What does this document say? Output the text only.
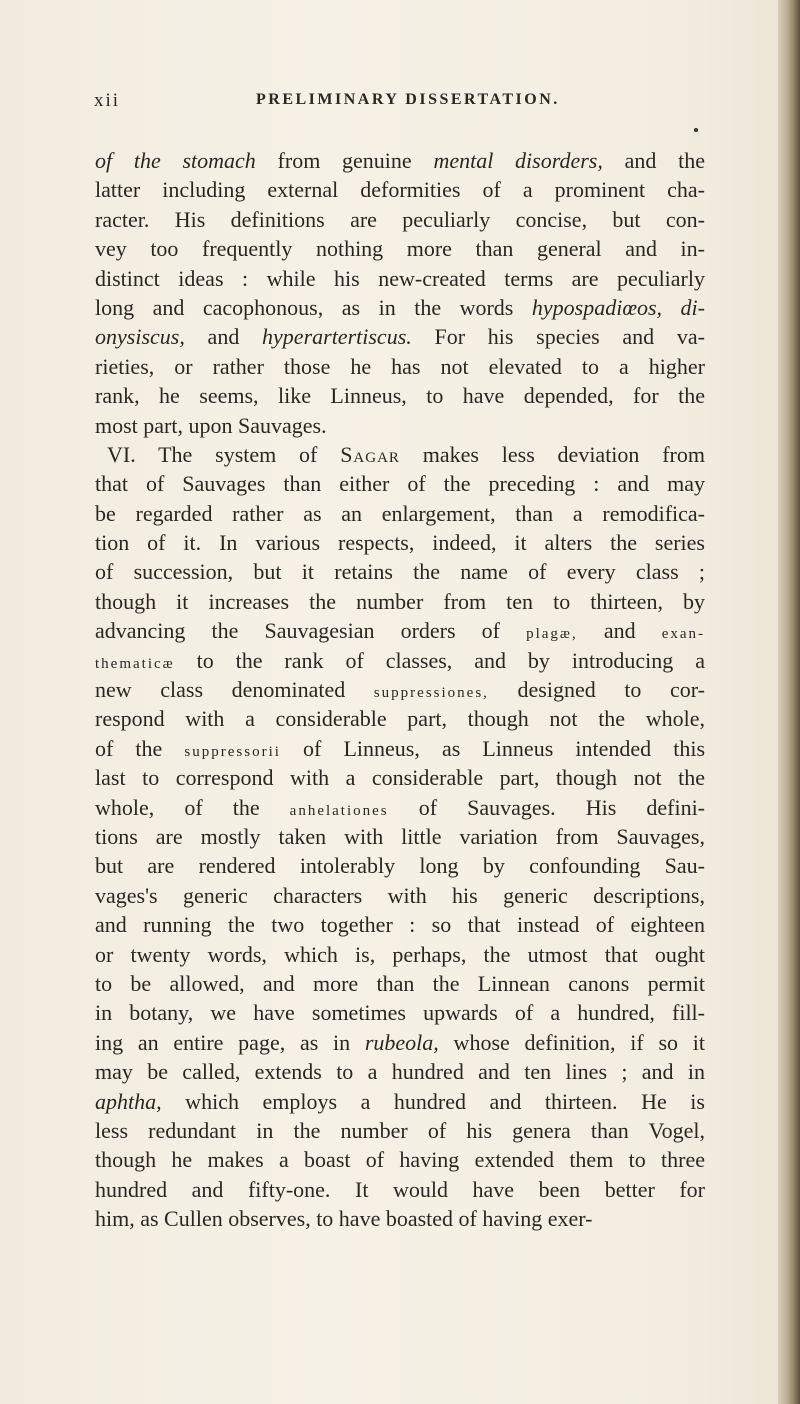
xii	PRELIMINARY DISSERTATION.
of the stomach from genuine mental disorders, and the
latter including external deformities of a prominent cha-
racter. His definitions are peculiarly concise, but con-
vey too frequently nothing more than general and in-
distinct ideas : while his new-created terms are peculiarly
long and cacophonous, as in the words hypospadiœos, di-
onysiscus, and hyperartertiscus. For his species and va-
rieties, or rather those he has not elevated to a higher
rank, he seems, like Linneus, to have depended, for the
most part, upon Sauvages.
VI. The system of Sagar makes less deviation from
that of Sauvages than either of the preceding : and may
be regarded rather as an enlargement, than a remodifica-
tion of it. In various respects, indeed, it alters the series
of succession, but it retains the name of every class ;
though it increases the number from ten to thirteen, by
advancing the Sauvagesian orders of plagæ, and exan-
thematicæ to the rank of classes, and by introducing a
new class denominated suppressiones, designed to cor-
respond with a considerable part, though not the whole,
of the suppressorii of Linneus, as Linneus intended this
last to correspond with a considerable part, though not the
whole, of the anhelationes of Sauvages. His defini-
tions are mostly taken with little variation from Sauvages,
but are rendered intolerably long by confounding Sau-
vages's generic characters with his generic descriptions,
and running the two together : so that instead of eighteen
or twenty words, which is, perhaps, the utmost that ought
to be allowed, and more than the Linnean canons permit
in botany, we have sometimes upwards of a hundred, fill-
ing an entire page, as in rubeola, whose definition, if so it
may be called, extends to a hundred and ten lines ; and in
aphtha, which employs a hundred and thirteen. He is
less redundant in the number of his genera than Vogel,
though he makes a boast of having extended them to three
hundred and fifty-one. It would have been better for
him, as Cullen observes, to have boasted of having exer-
